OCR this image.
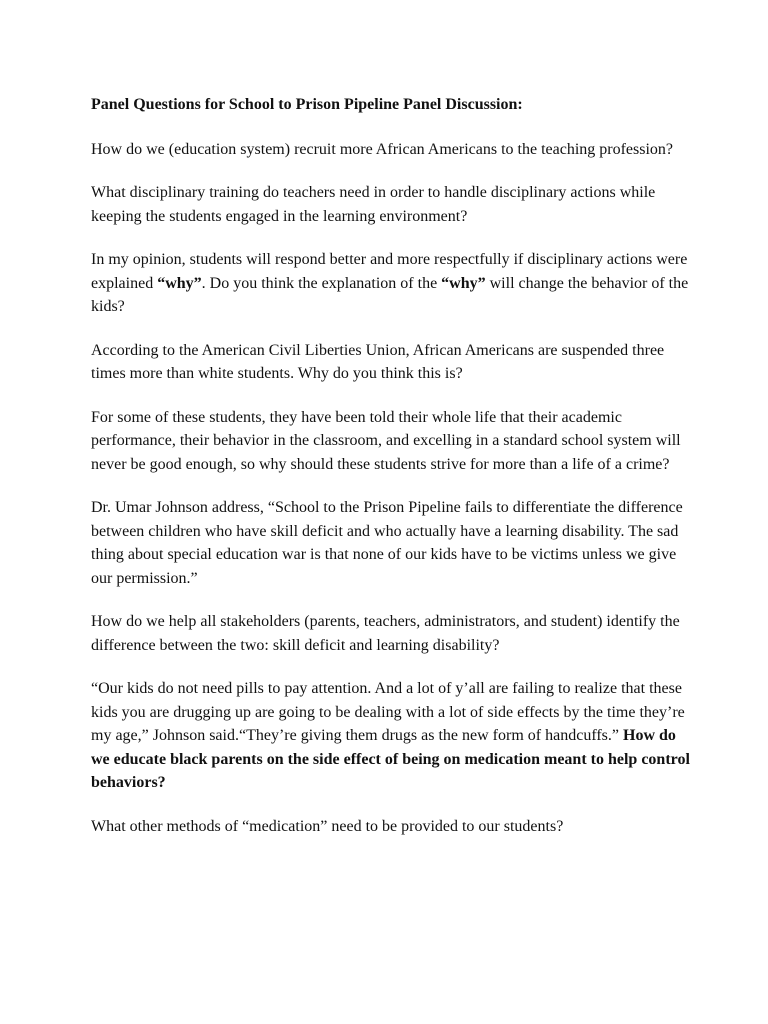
Panel Questions for School to Prison Pipeline Panel Discussion:

How do we (education system) recruit more African Americans to the teaching profession?

What disciplinary training do teachers need in order to handle disciplinary actions while keeping the students engaged in the learning environment?

In my opinion, students will respond better and more respectfully if disciplinary actions were explained “why”. Do you think the explanation of the “why” will change the behavior of the kids?

According to the American Civil Liberties Union, African Americans are suspended three times more than white students. Why do you think this is?

For some of these students, they have been told their whole life that their academic performance, their behavior in the classroom, and excelling in a standard school system will never be good enough, so why should these students strive for more than a life of a crime?

Dr. Umar Johnson address, “School to the Prison Pipeline fails to differentiate the difference between children who have skill deficit and who actually have a learning disability. The sad thing about special education war is that none of our kids have to be victims unless we give our permission.”

How do we help all stakeholders (parents, teachers, administrators, and student) identify the difference between the two: skill deficit and learning disability?

“Our kids do not need pills to pay attention. And a lot of y’all are failing to realize that these kids you are drugging up are going to be dealing with a lot of side effects by the time they’re my age,” Johnson said.“They’re giving them drugs as the new form of handcuffs.” How do we educate black parents on the side effect of being on medication meant to help control behaviors?

What other methods of “medication” need to be provided to our students?
